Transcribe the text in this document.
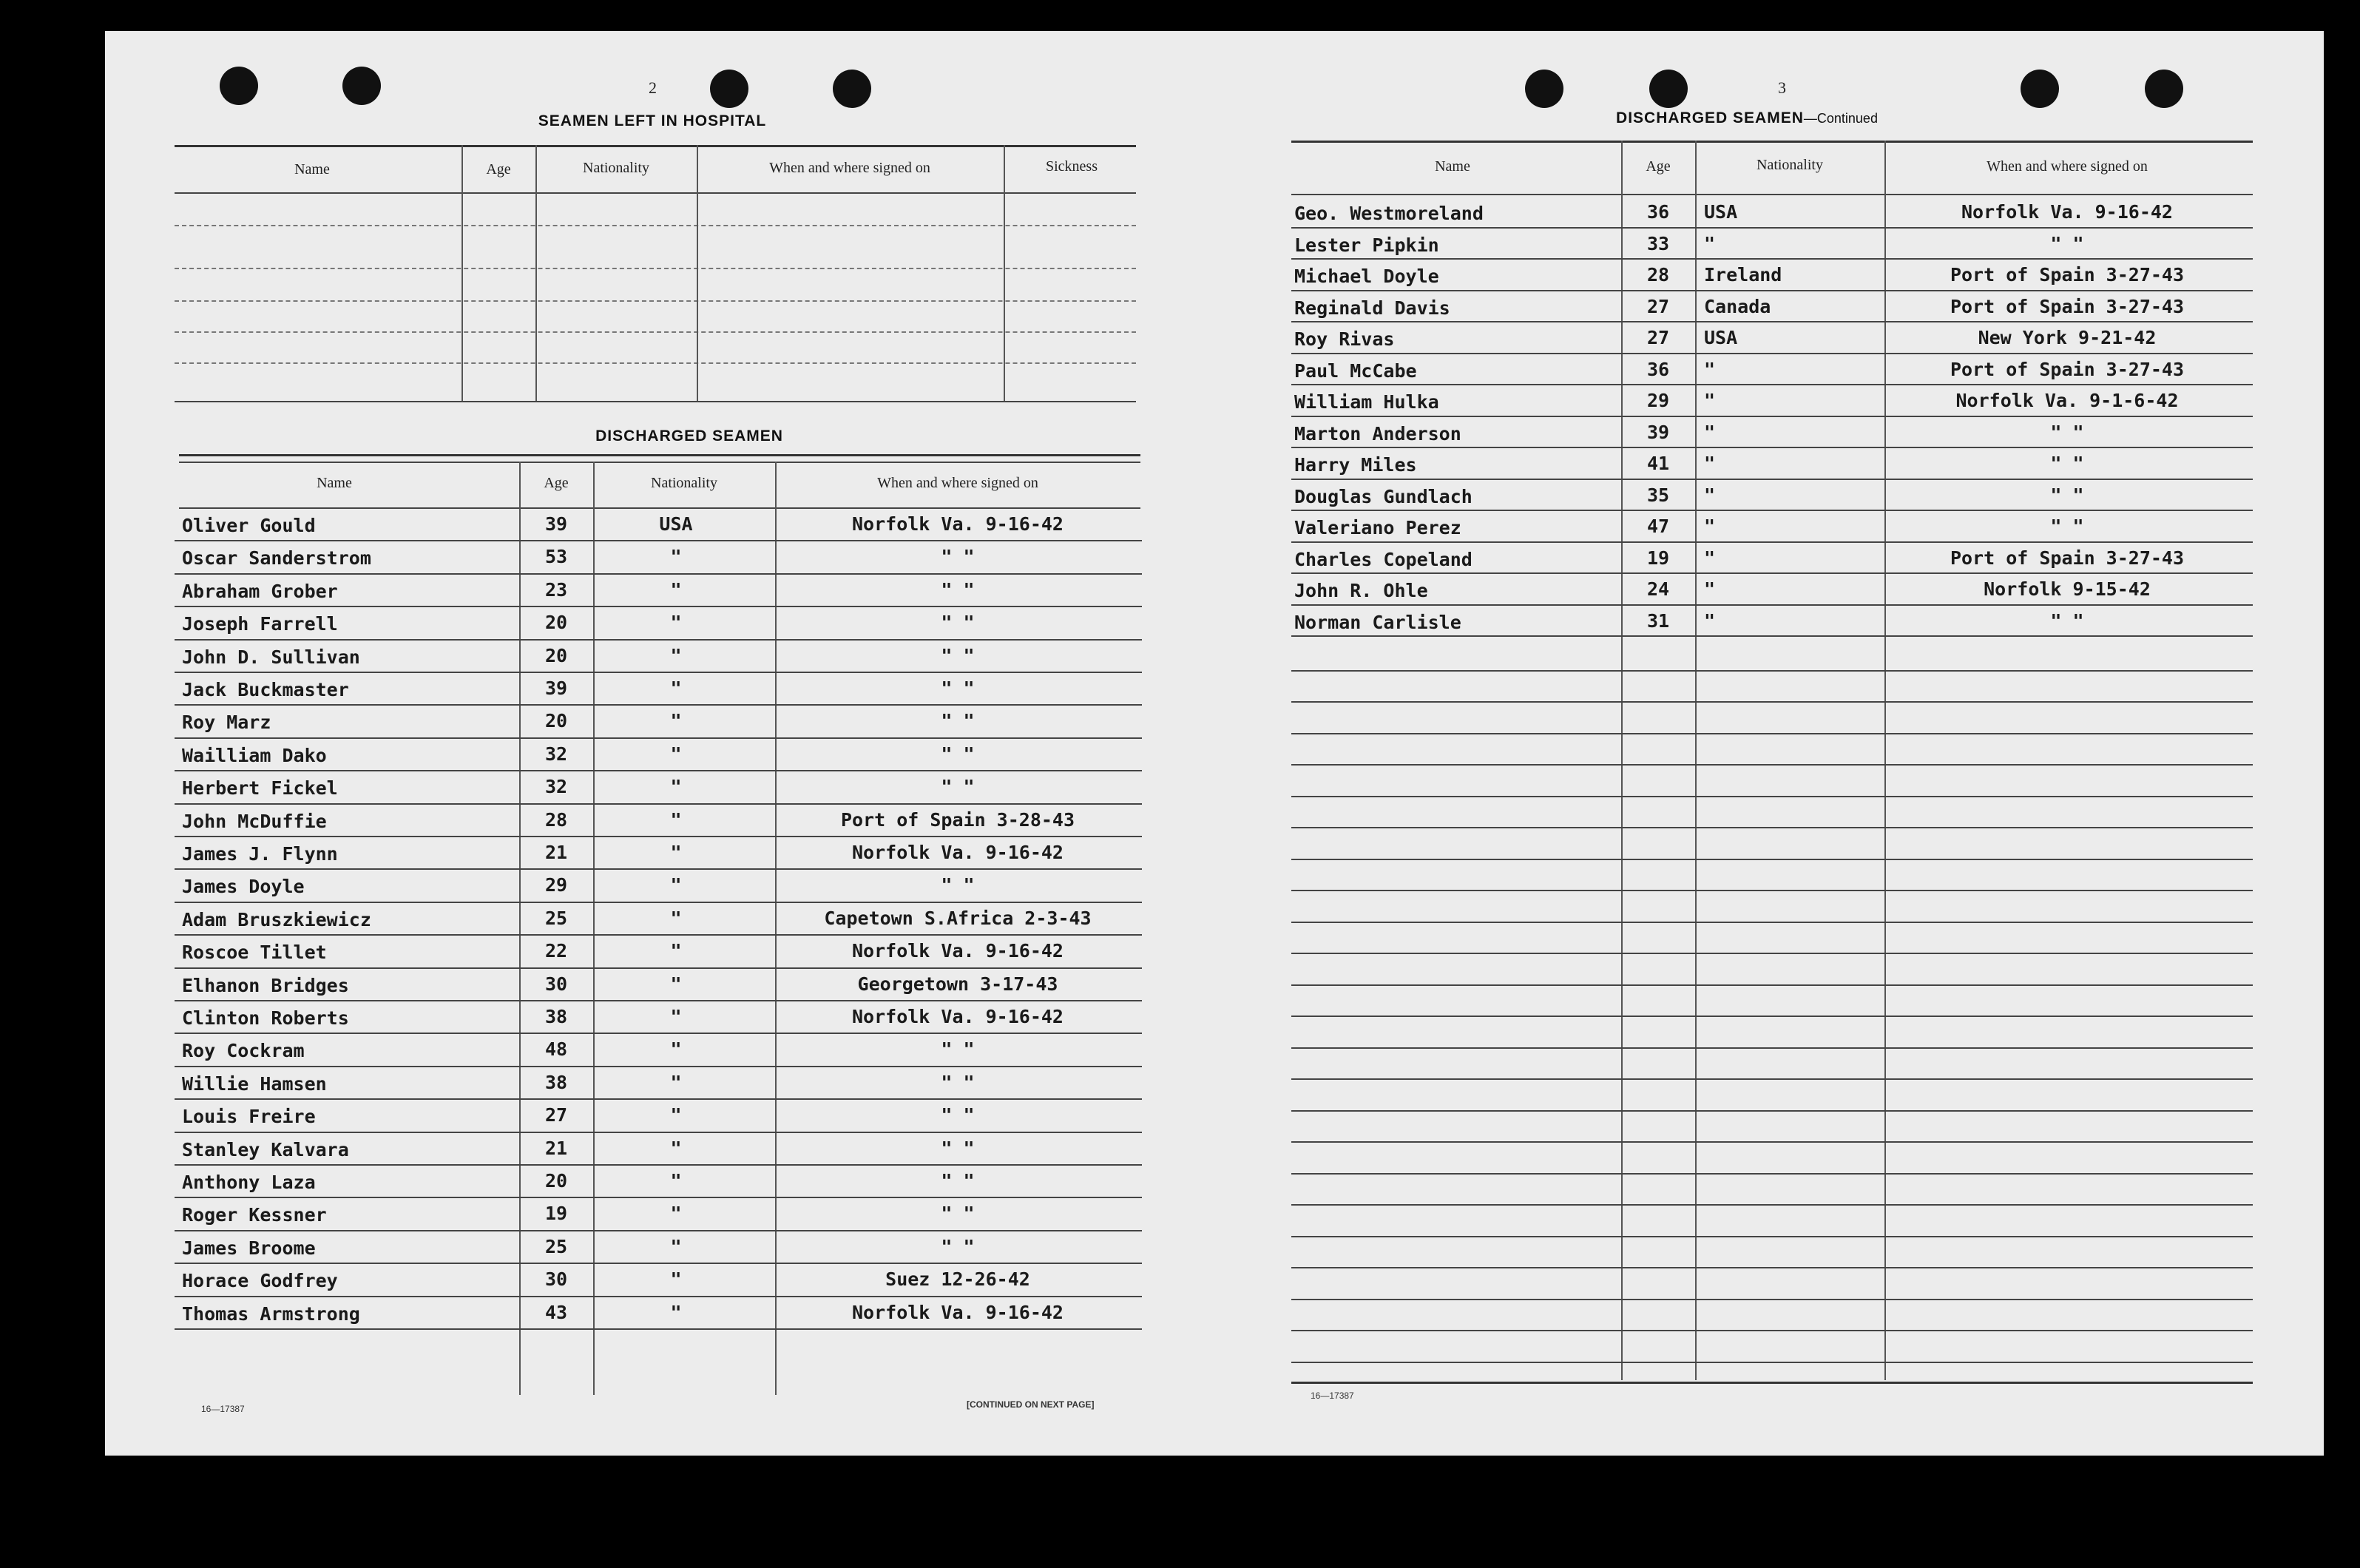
2
SEAMEN LEFT IN HOSPITAL
Name	Age	Nationality	When and where signed on	Sickness
DISCHARGED SEAMEN
Name	Age	Nationality	When and where signed on
Oliver Gould	39	USA	Norfolk Va. 9-16-42
Oscar Sanderstrom	53	"	" "
Abraham Grober	23	"	" "
Joseph Farrell	20	"	" "
John D. Sullivan	20	"	" "
Jack Buckmaster	39	"	" "
Roy Marz	20	"	" "
Wailliam Dako	32	"	" "
Herbert Fickel	32	"	" "
John McDuffie	28	"	Port of Spain 3-28-43
James J. Flynn	21	"	Norfolk Va. 9-16-42
James Doyle	29	"	" "
Adam Bruszkiewicz	25	"	Capetown S.Africa 2-3-43
Roscoe Tillet	22	"	Norfolk Va. 9-16-42
Elhanon Bridges	30	"	Georgetown 3-17-43
Clinton Roberts	38	"	Norfolk Va. 9-16-42
Roy Cockram	48	"	" "
Willie Hamsen	38	"	" "
Louis Freire	27	"	" "
Stanley Kalvara	21	"	" "
Anthony Laza	20	"	" "
Roger Kessner	19	"	" "
James Broome	25	"	" "
Horace Godfrey	30	"	Suez 12-26-42
Thomas Armstrong	43	"	Norfolk Va. 9-16-42
16—17387	[CONTINUED ON NEXT PAGE]
3
DISCHARGED SEAMEN—Continued
Name	Age	Nationality	When and where signed on
Geo. Westmoreland	36	USA	Norfolk Va. 9-16-42
Lester Pipkin	33	"	" "
Michael Doyle	28	Ireland	Port of Spain 3-27-43
Reginald Davis	27	Canada	Port of Spain 3-27-43
Roy Rivas	27	USA	New York 9-21-42
Paul McCabe	36	"	Port of Spain 3-27-43
William Hulka	29	"	Norfolk Va. 9-1-6-42
Marton Anderson	39	"	" "
Harry Miles	41	"	" "
Douglas Gundlach	35	"	" "
Valeriano Perez	47	"	" "
Charles Copeland	19	"	Port of Spain 3-27-43
John R. Ohle	24	"	Norfolk 9-15-42
Norman Carlisle	31	"	" "
16—17387
